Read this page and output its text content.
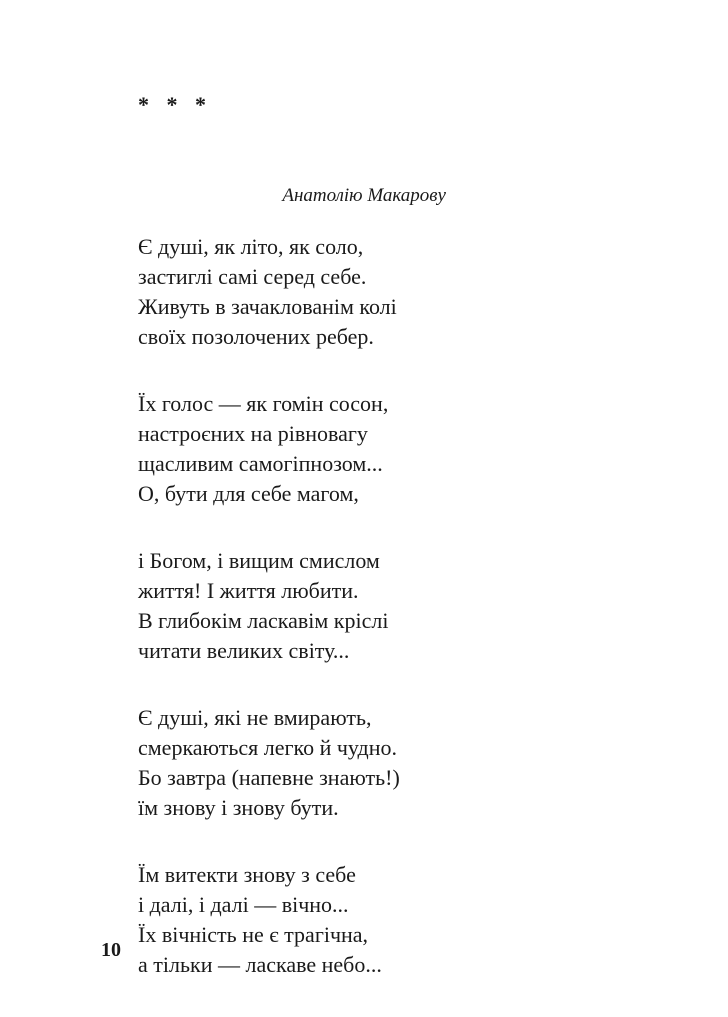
* * *
Анатолію Макарову
Є душі, як літо, як соло,
застиглі самі серед себе.
Живуть в зачаклованім колі
своїх позолочених ребер.
Їх голос — як гомін сосон,
настроєних на рівновагу
щасливим самогіпнозом...
О, бути для себе магом,
і Богом, і вищим смислом
життя! І життя любити.
В глибокім ласкавім кріслі
читати великих світу...
Є душі, які не вмирають,
смеркаються легко й чудно.
Бо завтра (напевне знають!)
їм знову і знову бути.
Їм витекти знову з себе
і далі, і далі — вічно...
Їх вічність не є трагічна,
а тільки — ласкаве небо...
10
